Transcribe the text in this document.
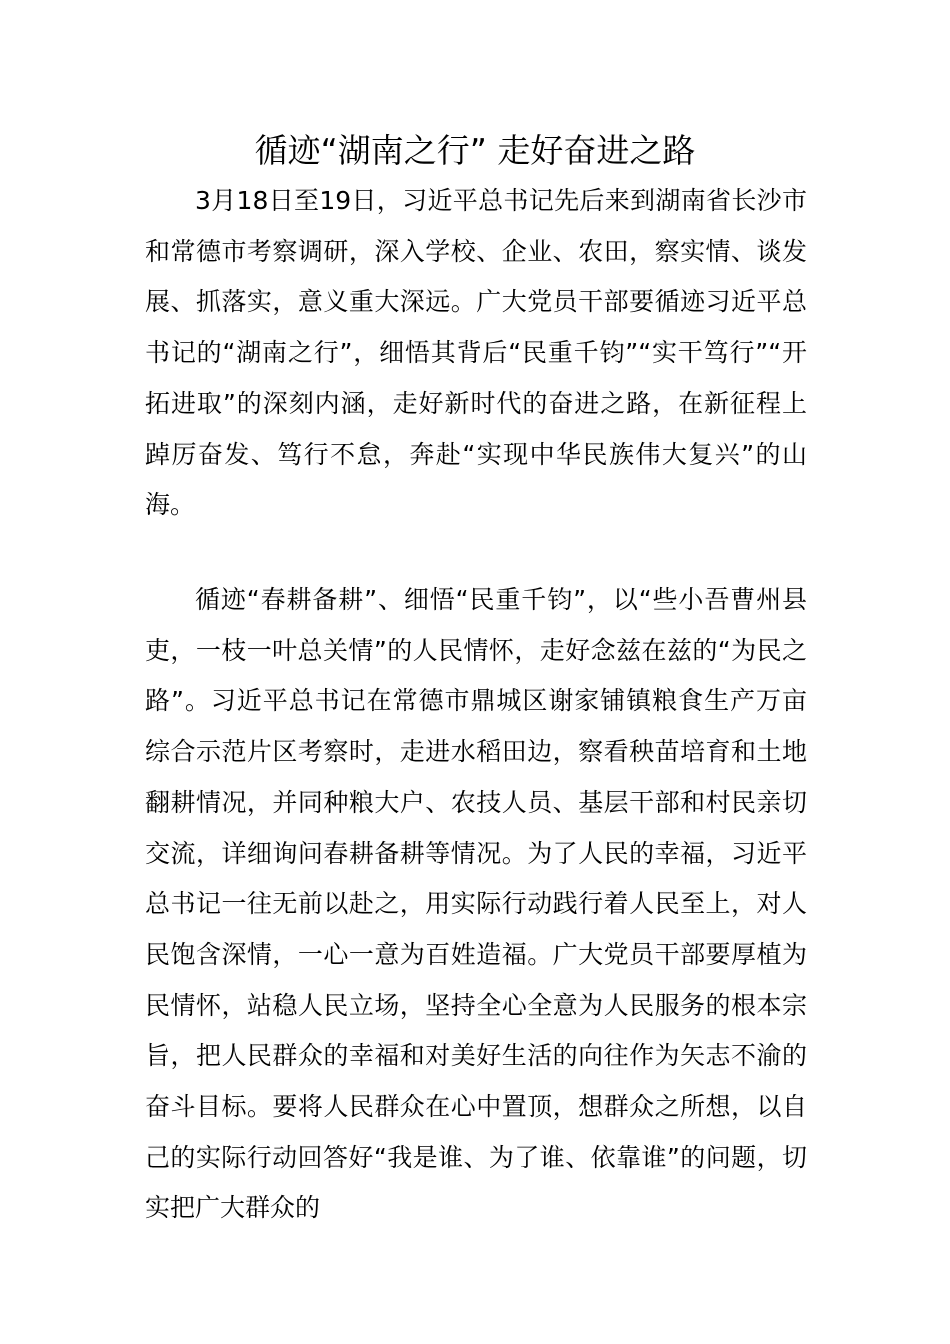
循迹“湖南之行” 走好奋进之路

3月18日至19日，习近平总书记先后来到湖南省长沙市和常德市考察调研，深入学校、企业、农田，察实情、谈发展、抓落实，意义重大深远。广大党员干部要循迹习近平总书记的“湖南之行”，细悟其背后“民重千钧”“实干笃行”“开拓进取”的深刻内涵，走好新时代的奋进之路，在新征程上踔厉奋发、笃行不怠，奔赴“实现中华民族伟大复兴”的山海。

循迹“春耕备耕”、细悟“民重千钧”，以“些小吾曹州县吏，一枝一叶总关情”的人民情怀，走好念兹在兹的“为民之路”。习近平总书记在常德市鼎城区谢家铺镇粮食生产万亩综合示范片区考察时，走进水稻田边，察看秧苗培育和土地翻耕情况，并同种粮大户、农技人员、基层干部和村民亲切交流，详细询问春耕备耕等情况。为了人民的幸福，习近平总书记一往无前以赴之，用实际行动践行着人民至上，对人民饱含深情，一心一意为百姓造福。广大党员干部要厚植为民情怀，站稳人民立场，坚持全心全意为人民服务的根本宗旨，把人民群众的幸福和对美好生活的向往作为矢志不渝的奋斗目标。要将人民群众在心中置顶，想群众之所想，以自己的实际行动回答好“我是谁、为了谁、依靠谁”的问题，切实把广大群众的
